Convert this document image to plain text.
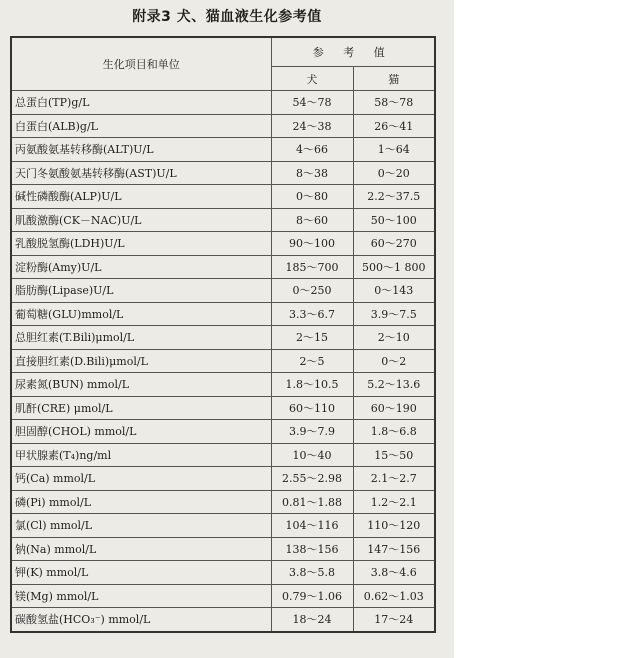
附录3 犬、猫血液生化参考值
生化项目和单位	参 考 值	
	犬	猫
总蛋白(TP)g/L	54～78	58～78
白蛋白(ALB)g/L	24～38	26～41
丙氨酸氨基转移酶(ALT)U/L	4～66	1～64
天门冬氨酸氨基转移酶(AST)U/L	8～38	0～20
碱性磷酸酶(ALP)U/L	0～80	2.2～37.5
肌酸激酶(CK－NAC)U/L	8～60	50～100
乳酸脱氢酶(LDH)U/L	90～100	60～270
淀粉酶(Amy)U/L	185～700	500～1 800
脂肪酶(Lipase)U/L	0～250	0～143
葡萄糖(GLU)mmol/L	3.3～6.7	3.9～7.5
总胆红素(T.Bili)μmol/L	2～15	2～10
直接胆红素(D.Bili)μmol/L	2～5	0～2
尿素氮(BUN) mmol/L	1.8～10.5	5.2～13.6
肌酐(CRE) μmol/L	60～110	60～190
胆固醇(CHOL) mmol/L	3.9～7.9	1.8～6.8
甲状腺素(T₄)ng/ml	10～40	15～50
钙(Ca) mmol/L	2.55～2.98	2.1～2.7
磷(Pi) mmol/L	0.81～1.88	1.2～2.1
氯(Cl) mmol/L	104～116	110～120
钠(Na) mmol/L	138～156	147～156
钾(K) mmol/L	3.8～5.8	3.8～4.6
镁(Mg) mmol/L	0.79～1.06	0.62～1.03
碳酸氢盐(HCO₃⁻) mmol/L	18～24	17～24
